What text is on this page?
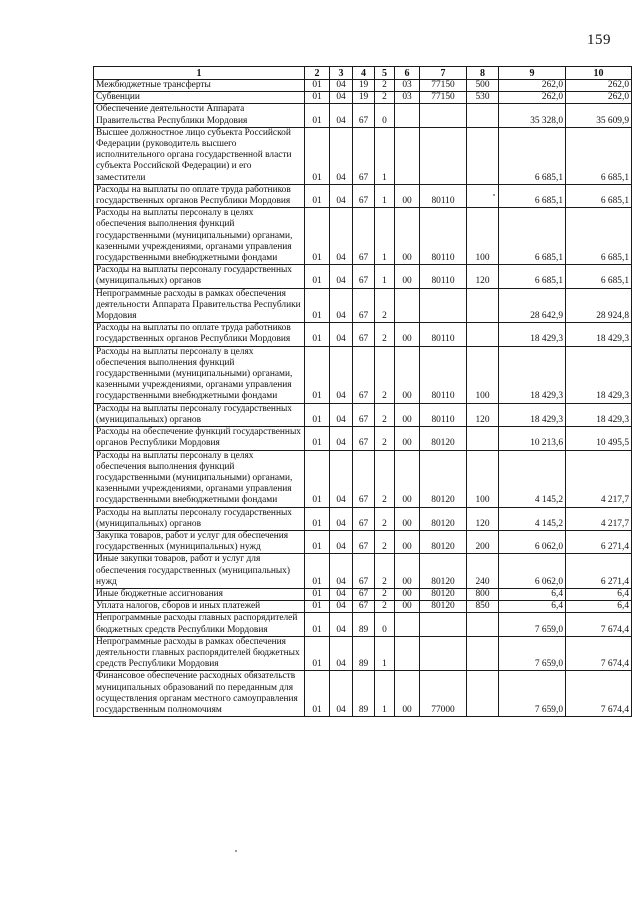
159
1	2	3	4	5	6	7	8	9	10
Межбюджетные трансферты	01	04	19	2	03	77150	500	262,0	262,0
Субвенции	01	04	19	2	03	77150	530	262,0	262,0
Обеспечение деятельности Аппарата Правительства Республики Мордовия	01	04	67	0				35 328,0	35 609,9
Высшее должностное лицо субъекта Российской Федерации (руководитель высшего исполнительного органа государственной власти субъекта Российской Федерации) и его заместители	01	04	67	1				6 685,1	6 685,1
Расходы на выплаты по оплате труда работников государственных органов Республики Мордовия	01	04	67	1	00	80110		6 685,1	6 685,1
Расходы на выплаты персоналу в целях обеспечения выполнения функций государственными (муниципальными) органами, казенными учреждениями, органами управления государственными внебюджетными фондами	01	04	67	1	00	80110	100	6 685,1	6 685,1
Расходы на выплаты персоналу государственных (муниципальных) органов	01	04	67	1	00	80110	120	6 685,1	6 685,1
Непрограммные расходы в рамках обеспечения деятельности Аппарата Правительства Республики Мордовия	01	04	67	2				28 642,9	28 924,8
Расходы на выплаты по оплате труда работников государственных органов Республики Мордовия	01	04	67	2	00	80110		18 429,3	18 429,3
Расходы на выплаты персоналу в целях обеспечения выполнения функций государственными (муниципальными) органами, казенными учреждениями, органами управления государственными внебюджетными фондами	01	04	67	2	00	80110	100	18 429,3	18 429,3
Расходы на выплаты персоналу государственных (муниципальных) органов	01	04	67	2	00	80110	120	18 429,3	18 429,3
Расходы на обеспечение функций государственных органов Республики Мордовия	01	04	67	2	00	80120		10 213,6	10 495,5
Расходы на выплаты персоналу в целях обеспечения выполнения функций государственными (муниципальными) органами, казенными учреждениями, органами управления государственными внебюджетными фондами	01	04	67	2	00	80120	100	4 145,2	4 217,7
Расходы на выплаты персоналу государственных (муниципальных) органов	01	04	67	2	00	80120	120	4 145,2	4 217,7
Закупка товаров, работ и услуг для обеспечения государственных (муниципальных) нужд	01	04	67	2	00	80120	200	6 062,0	6 271,4
Иные закупки товаров, работ и услуг для обеспечения государственных (муниципальных) нужд	01	04	67	2	00	80120	240	6 062,0	6 271,4
Иные бюджетные ассигнования	01	04	67	2	00	80120	800	6,4	6,4
Уплата налогов, сборов и иных платежей	01	04	67	2	00	80120	850	6,4	6,4
Непрограммные расходы главных распорядителей бюджетных средств Республики Мордовия	01	04	89	0				7 659,0	7 674,4
Непрограммные расходы в рамках обеспечения деятельности главных распорядителей бюджетных средств Республики Мордовия	01	04	89	1				7 659,0	7 674,4
Финансовое обеспечение расходных обязательств муниципальных образований по переданным для осуществления органам местного самоуправления государственным полномочиям	01	04	89	1	00	77000		7 659,0	7 674,4
